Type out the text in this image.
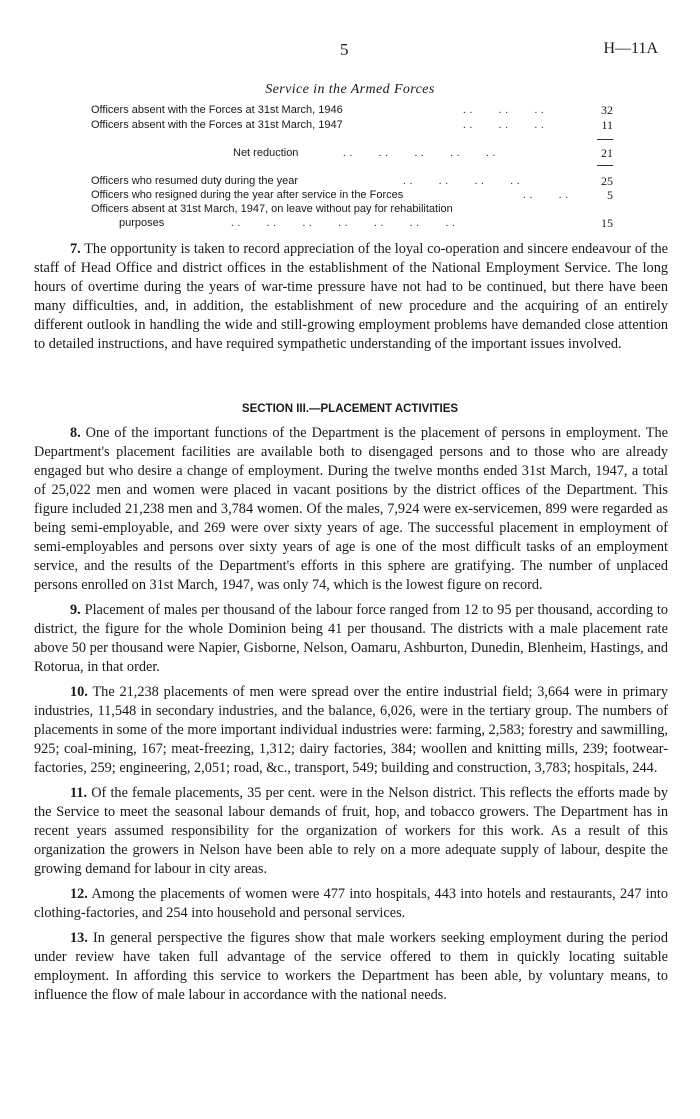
5	H—11A
Service in the Armed Forces
Officers absent with the Forces at 31st March, 1946	. .        . .        . .	32
Officers absent with the Forces at 31st March, 1947	. .        . .        . .	11
Net reduction	. .        . .        . .        . .        . .	21
Officers who resumed duty during the year	. .        . .        . .        . .	25
Officers who resigned during the year after service in the Forces	. .        . .	5
Officers absent at 31st March, 1947, on leave without pay for rehabilitation
purposes	. .        . .        . .        . .        . .        . .        . .	15

7. The opportunity is taken to record appreciation of the loyal co-operation and sincere endeavour of the staff of Head Office and district offices in the establishment of the National Employment Service. The long hours of overtime during the years of war-time pressure have not had to be continued, but there have been many difficulties, and, in addition, the establishment of new procedure and the acquiring of an entirely different outlook in handling the wide and still-growing employment problems have demanded close attention to detailed instructions, and have required sympathetic understanding of the important issues involved.

SECTION III.—PLACEMENT ACTIVITIES

8. One of the important functions of the Department is the placement of persons in employment. The Department's placement facilities are available both to disengaged persons and to those who are already engaged but who desire a change of employment. During the twelve months ended 31st March, 1947, a total of 25,022 men and women were placed in vacant positions by the district offices of the Department. This figure included 21,238 men and 3,784 women. Of the males, 7,924 were ex-servicemen, 899 were regarded as being semi-employable, and 269 were over sixty years of age. The successful placement in employment of semi-employables and persons over sixty years of age is one of the most difficult tasks of an employment service, and the results of the Department's efforts in this sphere are gratifying. The number of unplaced persons enrolled on 31st March, 1947, was only 74, which is the lowest figure on record.

9. Placement of males per thousand of the labour force ranged from 12 to 95 per thousand, according to district, the figure for the whole Dominion being 41 per thousand. The districts with a male placement rate above 50 per thousand were Napier, Gisborne, Nelson, Oamaru, Ashburton, Dunedin, Blenheim, Hastings, and Rotorua, in that order.

10. The 21,238 placements of men were spread over the entire industrial field; 3,664 were in primary industries, 11,548 in secondary industries, and the balance, 6,026, were in the tertiary group. The numbers of placements in some of the more important individual industries were: farming, 2,583; forestry and sawmilling, 925; coal-mining, 167; meat-freezing, 1,312; dairy factories, 384; woollen and knitting mills, 239; footwear-factories, 259; engineering, 2,051; road, &c., transport, 549; building and construction, 3,783; hospitals, 244.

11. Of the female placements, 35 per cent. were in the Nelson district. This reflects the efforts made by the Service to meet the seasonal labour demands of fruit, hop, and tobacco growers. The Department has in recent years assumed responsibility for the organization of workers for this work. As a result of this organization the growers in Nelson have been able to rely on a more adequate supply of labour, despite the growing demand for labour in city areas.

12. Among the placements of women were 477 into hospitals, 443 into hotels and restaurants, 247 into clothing-factories, and 254 into household and personal services.

13. In general perspective the figures show that male workers seeking employment during the period under review have taken full advantage of the service offered to them in quickly locating suitable employment. In affording this service to workers the Department has been able, by voluntary means, to influence the flow of male labour in accordance with the national needs.
